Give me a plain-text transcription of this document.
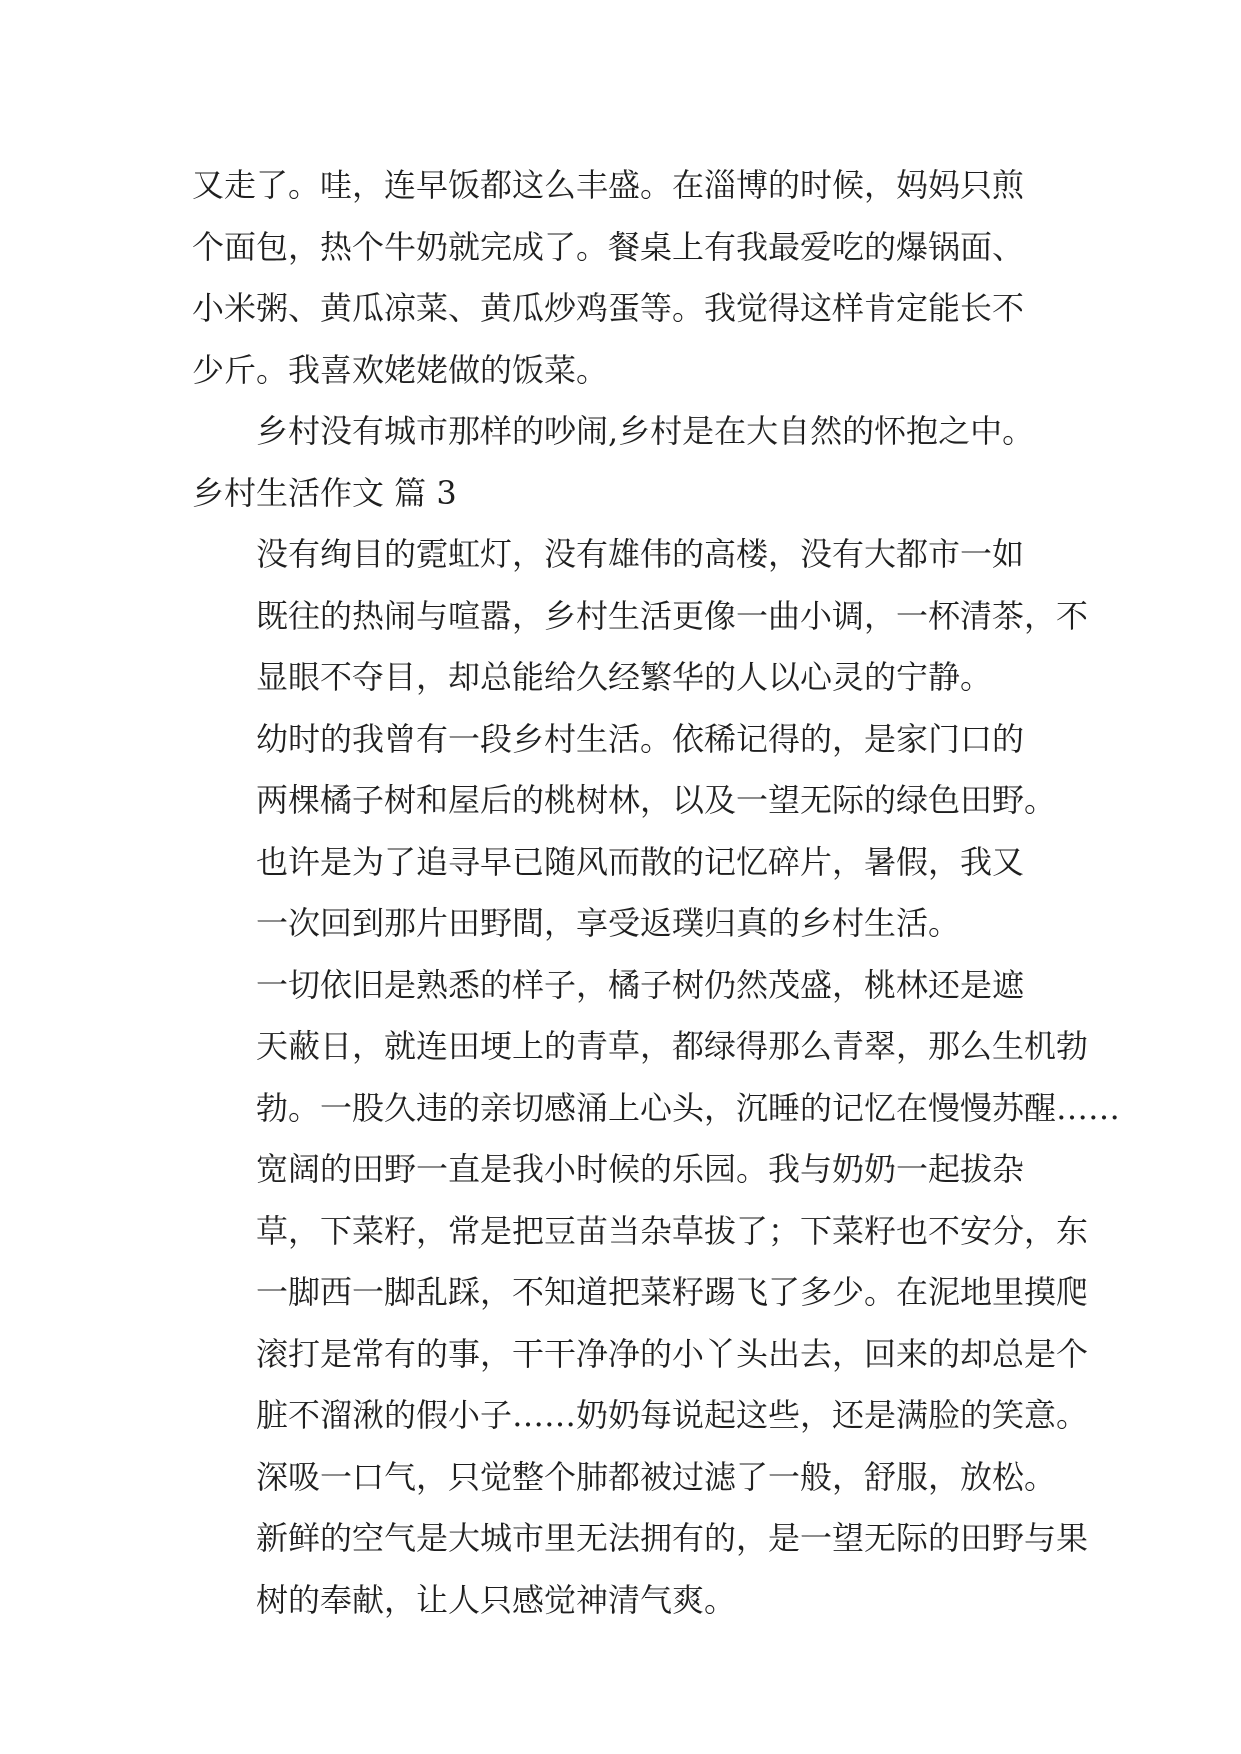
又走了。哇，连早饭都这么丰盛。在淄博的时候，妈妈只煎
个面包，热个牛奶就完成了。餐桌上有我最爱吃的爆锅面、
小米粥、黄瓜凉菜、黄瓜炒鸡蛋等。我觉得这样肯定能长不
少斤。我喜欢姥姥做的饭菜。
乡村没有城市那样的吵闹,乡村是在大自然的怀抱之中。
乡村生活作文 篇 3
没有绚目的霓虹灯，没有雄伟的高楼，没有大都市一如
既往的热闹与喧嚣，乡村生活更像一曲小调，一杯清茶，不
显眼不夺目，却总能给久经繁华的人以心灵的宁静。
幼时的我曾有一段乡村生活。依稀记得的，是家门口的
两棵橘子树和屋后的桃树林，以及一望无际的绿色田野。
也许是为了追寻早已随风而散的记忆碎片，暑假，我又
一次回到那片田野間，享受返璞归真的乡村生活。
一切依旧是熟悉的样子，橘子树仍然茂盛，桃林还是遮
天蔽日，就连田埂上的青草，都绿得那么青翠，那么生机勃
勃。一股久违的亲切感涌上心头，沉睡的记忆在慢慢苏醒……
宽阔的田野一直是我小时候的乐园。我与奶奶一起拔杂
草，下菜籽，常是把豆苗当杂草拔了；下菜籽也不安分，东
一脚西一脚乱踩，不知道把菜籽踢飞了多少。在泥地里摸爬
滚打是常有的事，干干净净的小丫头出去，回来的却总是个
脏不溜湫的假小子……奶奶每说起这些，还是满脸的笑意。
深吸一口气，只觉整个肺都被过滤了一般，舒服，放松。
新鲜的空气是大城市里无法拥有的，是一望无际的田野与果
树的奉献，让人只感觉神清气爽。
